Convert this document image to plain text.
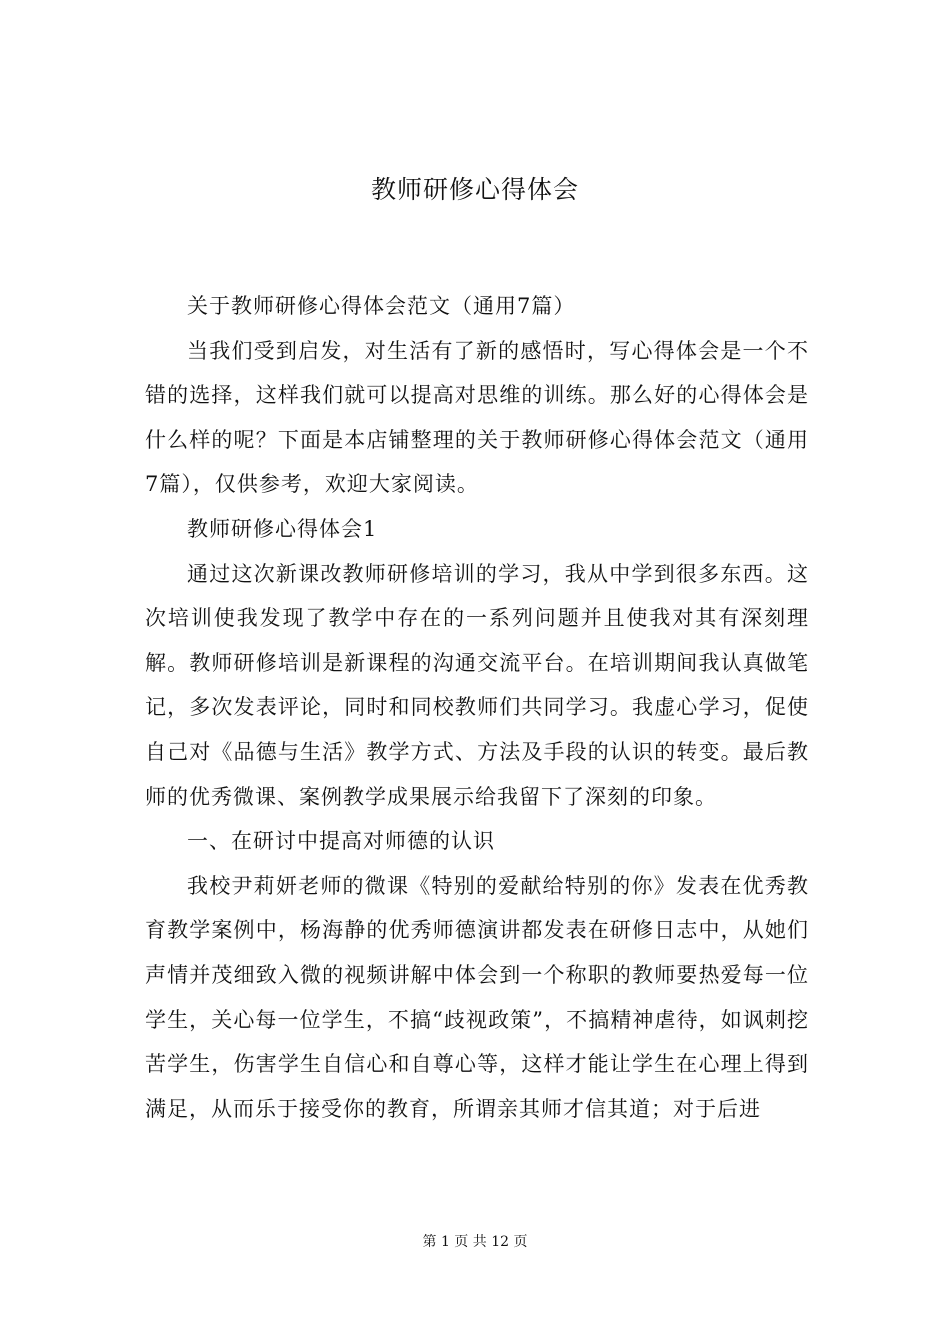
教师研修心得体会

关于教师研修心得体会范文（通用7篇）

当我们受到启发，对生活有了新的感悟时，写心得体会是一个不错的选择，这样我们就可以提高对思维的训练。那么好的心得体会是什么样的呢？下面是本店铺整理的关于教师研修心得体会范文（通用7篇），仅供参考，欢迎大家阅读。

教师研修心得体会1

通过这次新课改教师研修培训的学习，我从中学到很多东西。这次培训使我发现了教学中存在的一系列问题并且使我对其有深刻理解。教师研修培训是新课程的沟通交流平台。在培训期间我认真做笔记，多次发表评论，同时和同校教师们共同学习。我虚心学习，促使自己对《品德与生活》教学方式、方法及手段的认识的转变。最后教师的优秀微课、案例教学成果展示给我留下了深刻的印象。

一、在研讨中提高对师德的认识

我校尹莉妍老师的微课《特别的爱献给特别的你》发表在优秀教育教学案例中，杨海静的优秀师德演讲都发表在研修日志中，从她们声情并茂细致入微的视频讲解中体会到一个称职的教师要热爱每一位学生，关心每一位学生，不搞“歧视政策”，不搞精神虐待，如讽刺挖苦学生，伤害学生自信心和自尊心等，这样才能让学生在心理上得到满足，从而乐于接受你的教育，所谓亲其师才信其道；对于后进

第 1 页 共 12 页
